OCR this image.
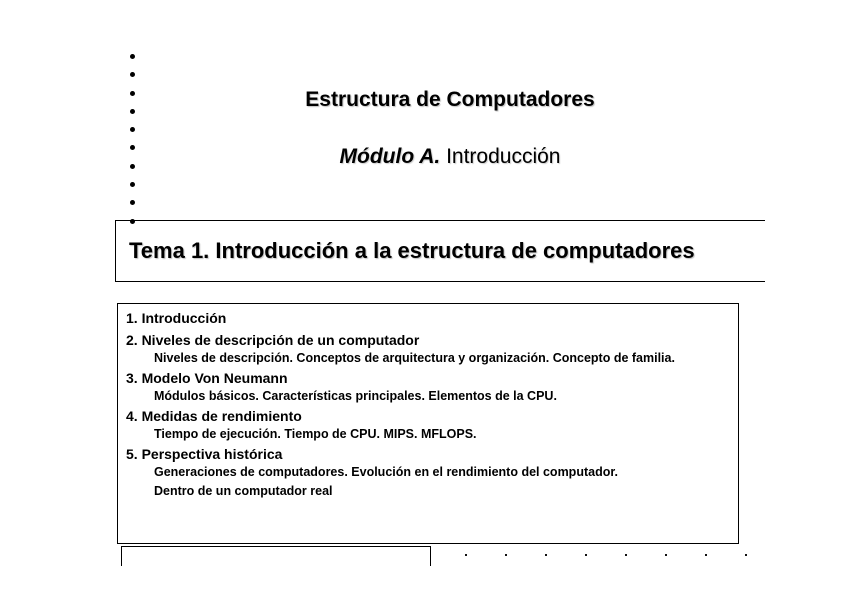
Estructura de Computadores
Módulo A. Introducción
Tema 1. Introducción a la estructura de computadores
1. Introducción
2. Niveles de descripción de un computador
Niveles de descripción. Conceptos de arquitectura y organización. Concepto de familia.
3. Modelo Von Neumann
Módulos básicos. Características principales. Elementos de la CPU.
4. Medidas de rendimiento
Tiempo de ejecución. Tiempo de CPU. MIPS. MFLOPS.
5. Perspectiva histórica
Generaciones de computadores. Evolución en el rendimiento del computador.
Dentro de un computador real
